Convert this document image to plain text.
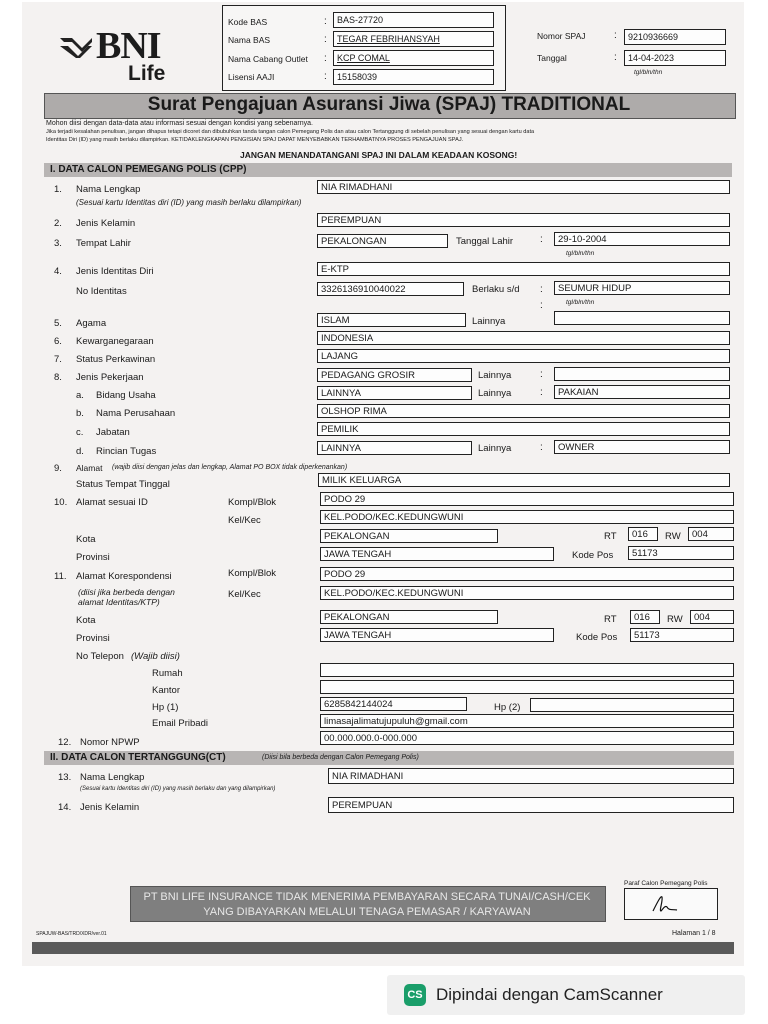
BNI
Life
Kode BAS	:	BAS-27720
Nama BAS	:	TEGAR FEBRIHANSYAH
Nama Cabang Outlet :	KCP COMAL
Lisensi AAJI	:	15158039
Nomor SPAJ	:	9210936669
Tanggal	:	14-04-2023
tgl/bln/thn
Surat Pengajuan Asuransi Jiwa (SPAJ) TRADITIONAL
Mohon diisi dengan data-data atau informasi sesuai dengan kondisi yang sebenarnya.
Jika terjadi kesalahan penulisan, jangan dihapus tetapi dicoret dan dibubuhkan tanda tangan calon Pemegang Polis dan atau calon Tertanggung di sebelah penulisan yang sesuai dengan kartu data
Identitas Diri (ID) yang masih berlaku dilampirkan. KETIDAKLENGKAPAN PENGISIAN SPAJ DAPAT MENYEBABKAN TERHAMBATNYA PROSES PENGAJUAN SPAJ.
JANGAN MENANDATANGANI SPAJ INI DALAM KEADAAN KOSONG!
I. DATA CALON PEMEGANG POLIS (CPP)
1. Nama Lengkap
(Sesuai kartu Identitas diri (ID) yang masih berlaku dilampirkan)
NIA RIMADHANI
2. Jenis Kelamin	PEREMPUAN
3. Tempat Lahir	PEKALONGAN	Tanggal Lahir	:	29-10-2004
tgl/bln/thn
4. Jenis Identitas Diri	E-KTP
No Identitas	3326136910040022	Berlaku s/d :	SEUMUR HIDUP
:	tgl/bln/thn
5. Agama	ISLAM	Lainnya
6. Kewarganegaraan	INDONESIA
7. Status Perkawinan	LAJANG
8. Jenis Pekerjaan	PEDAGANG GROSIR	Lainnya	:
a. Bidang Usaha	LAINNYA	Lainnya	:	PAKAIAN
b. Nama Perusahaan	OLSHOP RIMA
c. Jabatan	PEMILIK
d. Rincian Tugas	LAINNYA	Lainnya	:	OWNER
9. Alamat (wajib diisi dengan jelas dan lengkap, Alamat PO BOX tidak diperkenankan)
Status Tempat Tinggal	MILIK KELUARGA
10. Alamat sesuai ID	Kompl/Blok	PODO 29
Kel/Kec	KEL.PODO/KEC.KEDUNGWUNI
Kota	PEKALONGAN	RT	016	RW	004
Provinsi	JAWA TENGAH	Kode Pos	51173
11. Alamat Korespondensi
(diisi jika berbeda dengan
alamat Identitas/KTP)
Kompl/Blok	PODO 29
Kel/Kec	KEL.PODO/KEC.KEDUNGWUNI
Kota	PEKALONGAN	RT	016	RW	004
Provinsi	JAWA TENGAH	Kode Pos	51173
No Telepon (Wajib diisi)
Rumah
Kantor
Hp (1)	6285842144024	Hp (2)
Email Pribadi	limasajalimatujupuluh@gmail.com
12. Nomor NPWP	00.000.000.0-000.000
II. DATA CALON TERTANGGUNG(CT)	(Diisi bila berbeda dengan Calon Pemegang Polis)
13. Nama Lengkap
(Sesuai kartu Identitas diri (ID) yang masih berlaku dan yang dilampirkan)
NIA RIMADHANI
14. Jenis Kelamin	PEREMPUAN
PT BNI LIFE INSURANCE TIDAK MENERIMA PEMBAYARAN SECARA TUNAI/CASH/CEK
YANG DIBAYARKAN MELALUI TENAGA PEMASAR / KARYAWAN
Paraf Calon Pemegang Polis
SPAJUW-BAS/TRD/XDR/ver.01	Halaman 1 / 8
CS Dipindai dengan CamScanner
